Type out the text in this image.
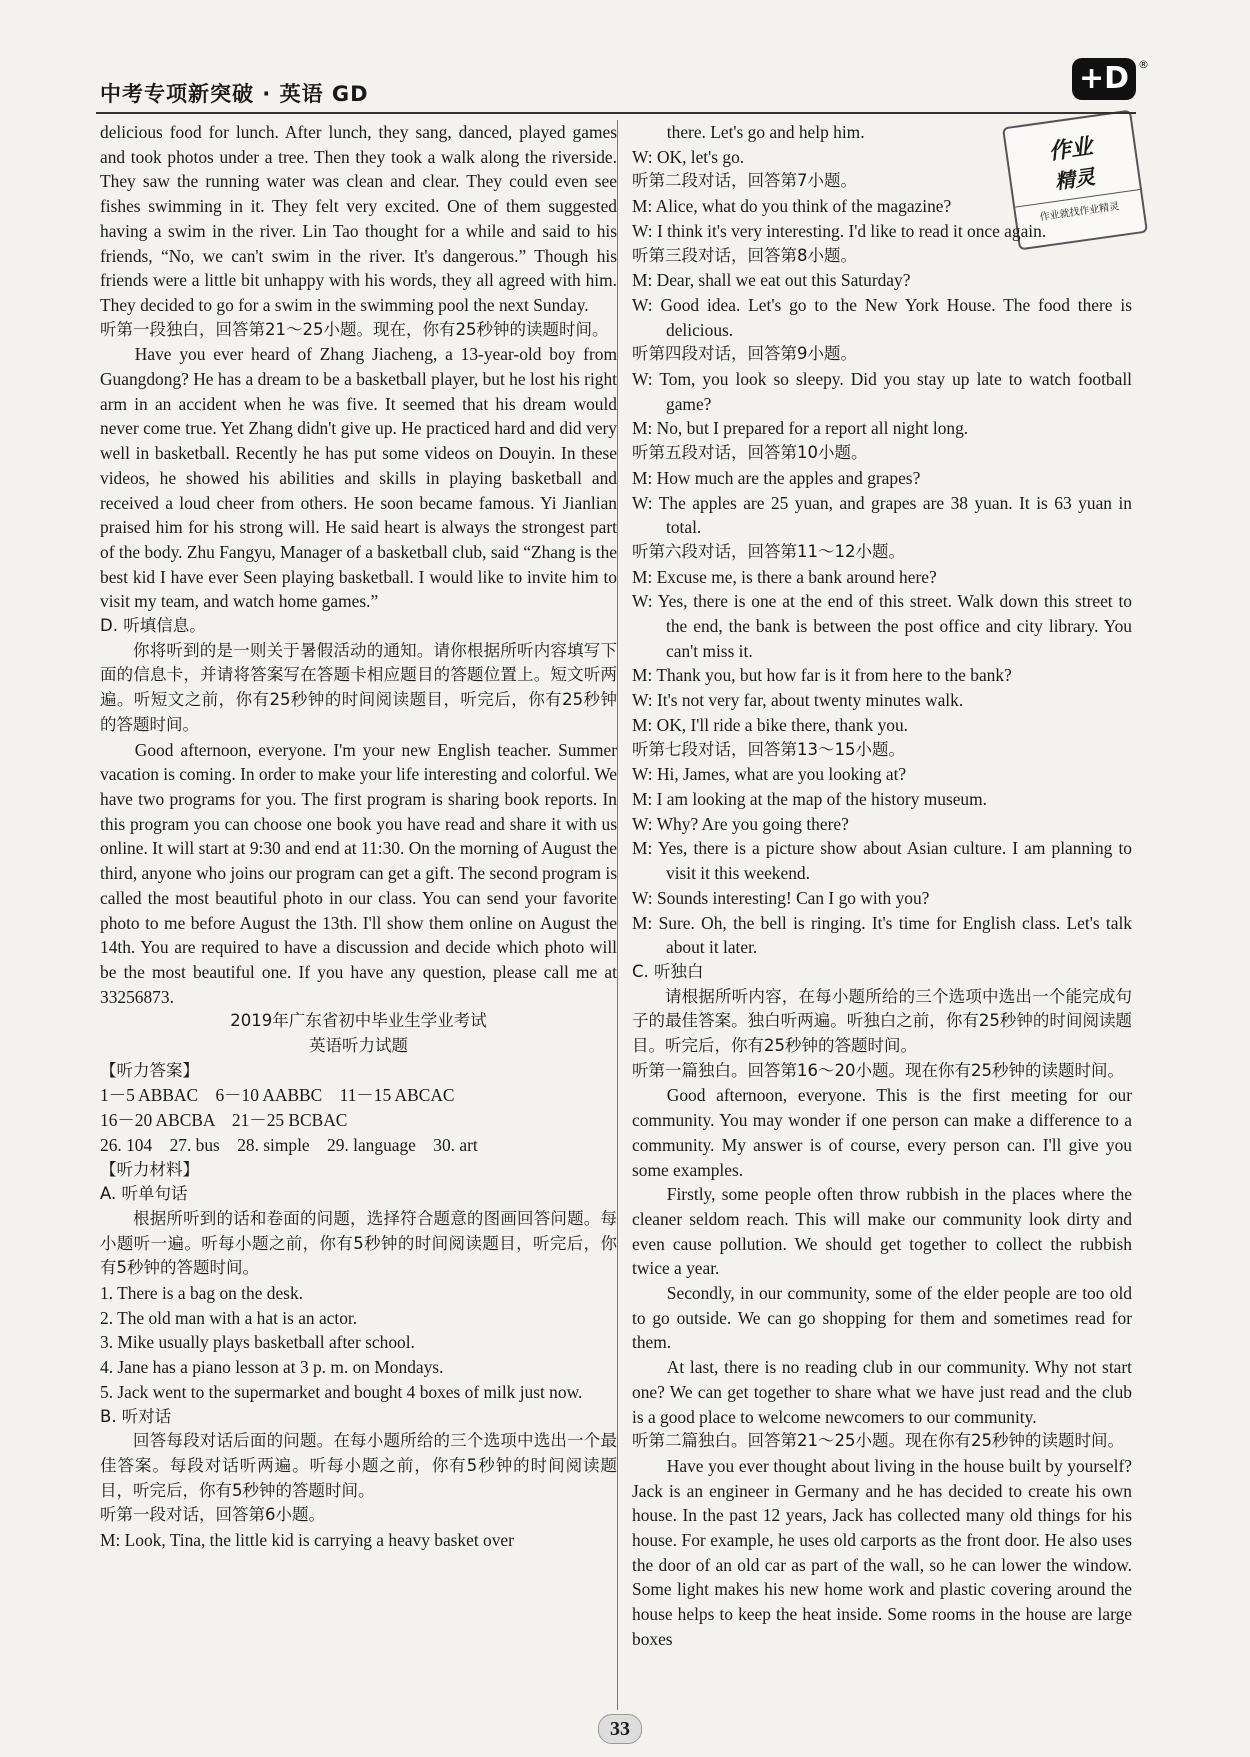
中考专项新突破 · 英语 GD	+D ®
作业
精灵
作业就找作业精灵

delicious food for lunch. After lunch, they sang, danced, played games and took photos under a tree. Then they took a walk along the riverside. They saw the running water was clean and clear. They could even see fishes swimming in it. They felt very excited. One of them suggested having a swim in the river. Lin Tao thought for a while and said to his friends, “No, we can't swim in the river. It's dangerous.” Though his friends were a little bit unhappy with his words, they all agreed with him. They decided to go for a swim in the swimming pool the next Sunday.

听第一段独白，回答第21～25小题。现在，你有25秒钟的读题时间。

Have you ever heard of Zhang Jiacheng, a 13-year-old boy from Guangdong? He has a dream to be a basketball player, but he lost his right arm in an accident when he was five. It seemed that his dream would never come true. Yet Zhang didn't give up. He practiced hard and did very well in basketball. Recently he has put some videos on Douyin. In these videos, he showed his abilities and skills in playing basketball and received a loud cheer from others. He soon became famous. Yi Jianlian praised him for his strong will. He said heart is always the strongest part of the body. Zhu Fangyu, Manager of a basketball club, said “Zhang is the best kid I have ever Seen playing basketball. I would like to invite him to visit my team, and watch home games.”

D. 听填信息。

你将听到的是一则关于暑假活动的通知。请你根据所听内容填写下面的信息卡，并请将答案写在答题卡相应题目的答题位置上。短文听两遍。听短文之前，你有25秒钟的时间阅读题目，听完后，你有25秒钟的答题时间。

Good afternoon, everyone. I'm your new English teacher. Summer vacation is coming. In order to make your life interesting and colorful. We have two programs for you. The first program is sharing book reports. In this program you can choose one book you have read and share it with us online. It will start at 9:30 and end at 11:30. On the morning of August the third, anyone who joins our program can get a gift. The second program is called the most beautiful photo in our class. You can send your favorite photo to me before August the 13th. I'll show them online on August the 14th. You are required to have a discussion and decide which photo will be the most beautiful one. If you have any question, please call me at 33256873.

2019年广东省初中毕业生学业考试

英语听力试题

【听力答案】

1－5 ABBAC　6－10 AABBC　11－15 ABCAC

16－20 ABCBA　21－25 BCBAC

26. 104　27. bus　28. simple　29. language　30. art

【听力材料】

A. 听单句话

根据所听到的话和卷面的问题，选择符合题意的图画回答问题。每小题听一遍。听每小题之前，你有5秒钟的时间阅读题目，听完后，你有5秒钟的答题时间。

1. There is a bag on the desk.

2. The old man with a hat is an actor.

3. Mike usually plays basketball after school.

4. Jane has a piano lesson at 3 p. m. on Mondays.

5. Jack went to the supermarket and bought 4 boxes of milk just now.

B. 听对话

回答每段对话后面的问题。在每小题所给的三个选项中选出一个最佳答案。每段对话听两遍。听每小题之前，你有5秒钟的时间阅读题目，听完后，你有5秒钟的答题时间。

听第一段对话，回答第6小题。

M: Look, Tina, the little kid is carrying a heavy basket over

there. Let's go and help him.

W: OK, let's go.

听第二段对话，回答第7小题。

M: Alice, what do you think of the magazine?

W: I think it's very interesting. I'd like to read it once again.

听第三段对话，回答第8小题。

M: Dear, shall we eat out this Saturday?

W: Good idea. Let's go to the New York House. The food there is delicious.

听第四段对话，回答第9小题。

W: Tom, you look so sleepy. Did you stay up late to watch football game?

M: No, but I prepared for a report all night long.

听第五段对话，回答第10小题。

M: How much are the apples and grapes?

W: The apples are 25 yuan, and grapes are 38 yuan. It is 63 yuan in total.

听第六段对话，回答第11～12小题。

M: Excuse me, is there a bank around here?

W: Yes, there is one at the end of this street. Walk down this street to the end, the bank is between the post office and city library. You can't miss it.

M: Thank you, but how far is it from here to the bank?

W: It's not very far, about twenty minutes walk.

M: OK, I'll ride a bike there, thank you.

听第七段对话，回答第13～15小题。

W: Hi, James, what are you looking at?

M: I am looking at the map of the history museum.

W: Why? Are you going there?

M: Yes, there is a picture show about Asian culture. I am planning to visit it this weekend.

W: Sounds interesting! Can I go with you?

M: Sure. Oh, the bell is ringing. It's time for English class. Let's talk about it later.

C. 听独白

请根据所听内容，在每小题所给的三个选项中选出一个能完成句子的最佳答案。独白听两遍。听独白之前，你有25秒钟的时间阅读题目。听完后，你有25秒钟的答题时间。

听第一篇独白。回答第16～20小题。现在你有25秒钟的读题时间。

Good afternoon, everyone. This is the first meeting for our community. You may wonder if one person can make a difference to a community. My answer is of course, every person can. I'll give you some examples.

Firstly, some people often throw rubbish in the places where the cleaner seldom reach. This will make our community look dirty and even cause pollution. We should get together to collect the rubbish twice a year.

Secondly, in our community, some of the elder people are too old to go outside. We can go shopping for them and sometimes read for them.

At last, there is no reading club in our community. Why not start one? We can get together to share what we have just read and the club is a good place to welcome newcomers to our community.

听第二篇独白。回答第21～25小题。现在你有25秒钟的读题时间。

Have you ever thought about living in the house built by yourself? Jack is an engineer in Germany and he has decided to create his own house. In the past 12 years, Jack has collected many old things for his house. For example, he uses old carports as the front door. He also uses the door of an old car as part of the wall, so he can lower the window. Some light makes his new home work and plastic covering around the house helps to keep the heat inside. Some rooms in the house are large boxes

33
